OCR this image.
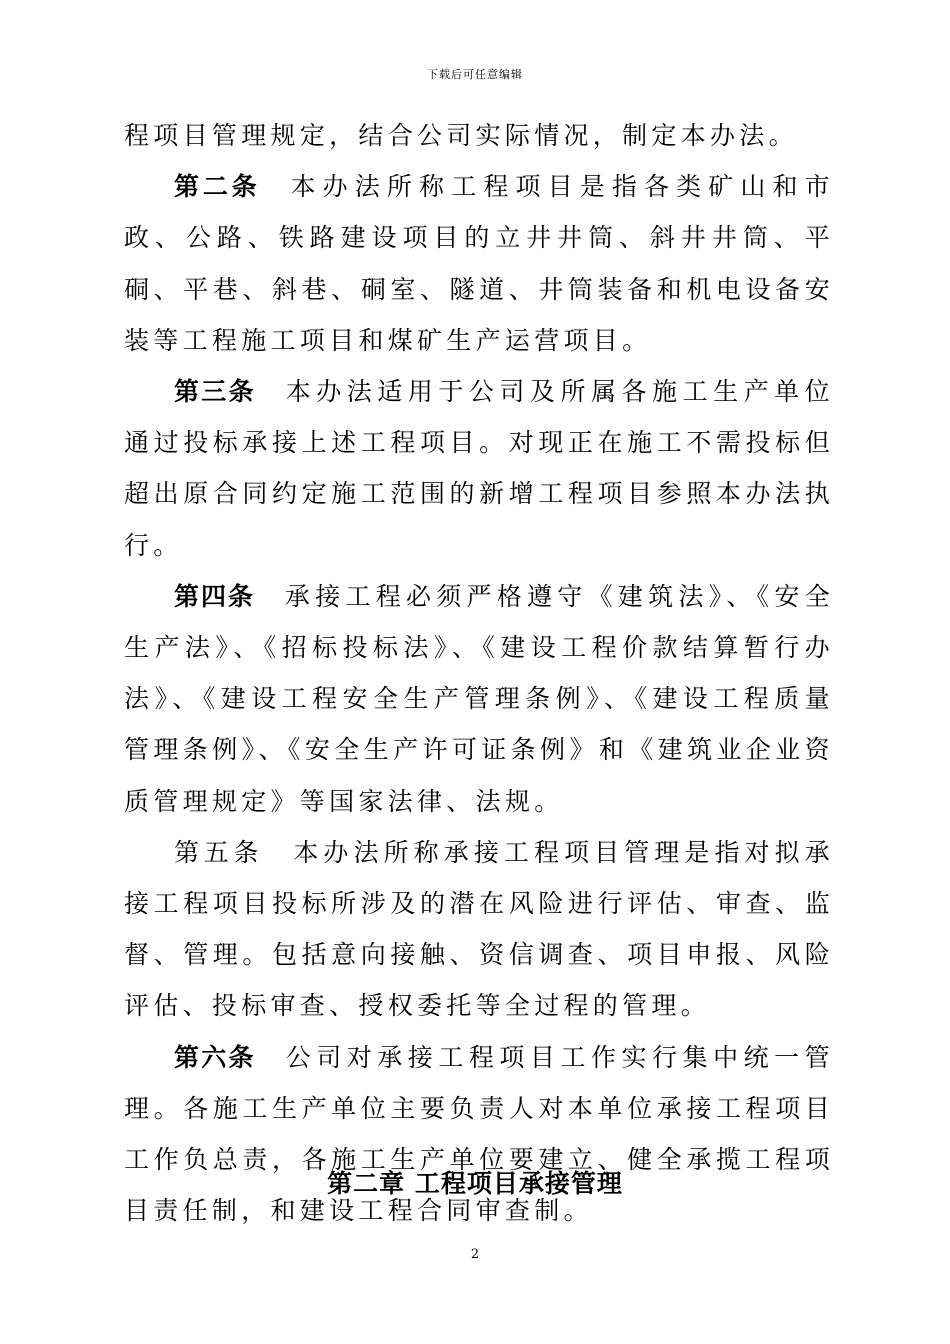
下载后可任意编辑

程项目管理规定，结合公司实际情况，制定本办法。

第二条 本办法所称工程项目是指各类矿山和市政、公路、铁路建设项目的立井井筒、斜井井筒、平硐、平巷、斜巷、硐室、隧道、井筒装备和机电设备安装等工程施工项目和煤矿生产运营项目。

第三条 本办法适用于公司及所属各施工生产单位通过投标承接上述工程项目。对现正在施工不需投标但超出原合同约定施工范围的新增工程项目参照本办法执行。

第四条 承接工程必须严格遵守《建筑法》、《安全生产法》、《招标投标法》、《建设工程价款结算暂行办法》、《建设工程安全生产管理条例》、《建设工程质量管理条例》、《安全生产许可证条例》和《建筑业企业资质管理规定》等国家法律、法规。

第五条 本办法所称承接工程项目管理是指对拟承接工程项目投标所涉及的潜在风险进行评估、审查、监督、管理。包括意向接触、资信调查、项目申报、风险评估、投标审查、授权委托等全过程的管理。

第六条 公司对承接工程项目工作实行集中统一管理。各施工生产单位主要负责人对本单位承接工程项目工作负总责，各施工生产单位要建立、健全承揽工程项目责任制，和建设工程合同审查制。

第二章 工程项目承接管理
2
